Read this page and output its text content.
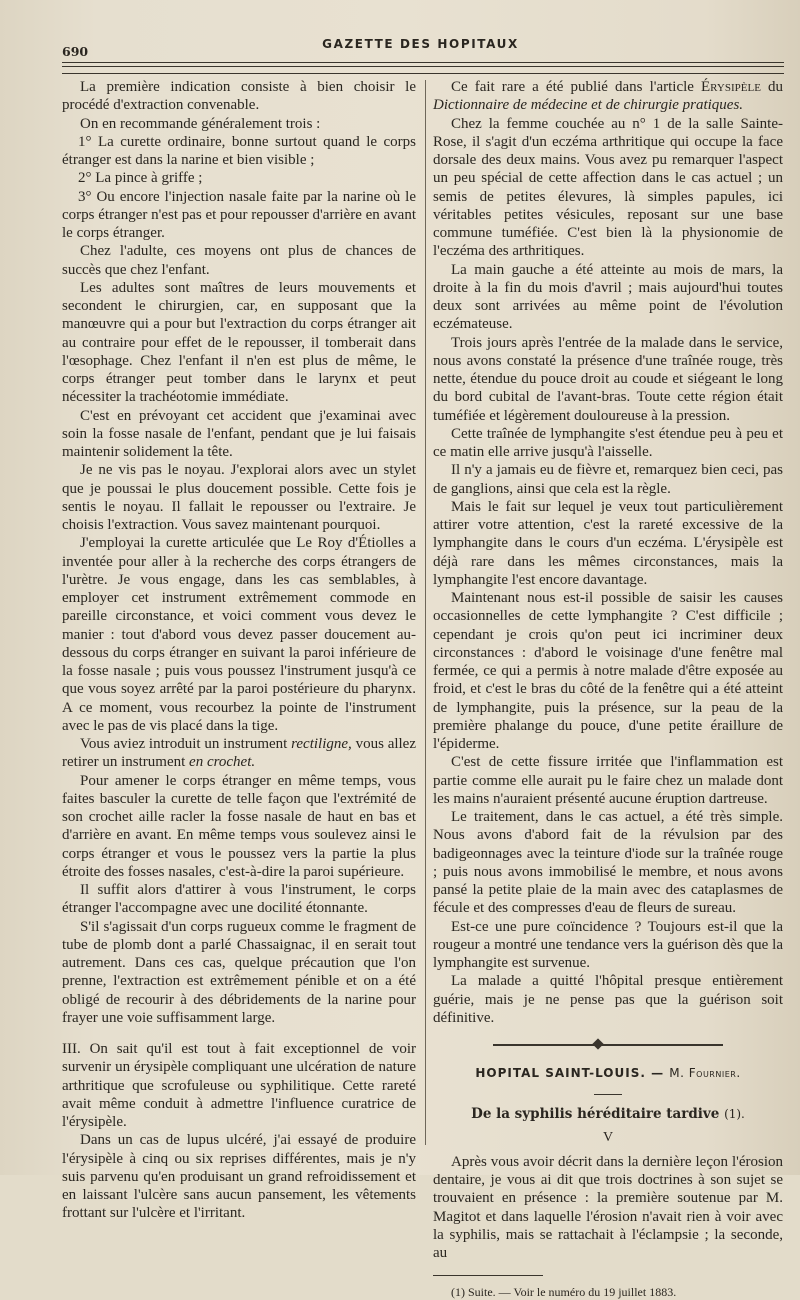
690	GAZETTE DES HOPITAUX

La première indication consiste à bien choisir le procédé d'extraction convenable.

On en recommande généralement trois :

1° La curette ordinaire, bonne surtout quand le corps étranger est dans la narine et bien visible ;

2° La pince à griffe ;

3° Ou encore l'injection nasale faite par la narine où le corps étranger n'est pas et pour repousser d'arrière en avant le corps étranger.

Chez l'adulte, ces moyens ont plus de chances de succès que chez l'enfant.

Les adultes sont maîtres de leurs mouvements et secondent le chirurgien, car, en supposant que la manœuvre qui a pour but l'extraction du corps étranger ait au contraire pour effet de le repousser, il tomberait dans l'œsophage. Chez l'enfant il n'en est plus de même, le corps étranger peut tomber dans le larynx et peut nécessiter la trachéotomie immédiate.

C'est en prévoyant cet accident que j'examinai avec soin la fosse nasale de l'enfant, pendant que je lui faisais maintenir solidement la tête.

Je ne vis pas le noyau. J'explorai alors avec un stylet que je poussai le plus doucement possible. Cette fois je sentis le noyau. Il fallait le repousser ou l'extraire. Je choisis l'extraction. Vous savez maintenant pourquoi.

J'employai la curette articulée que Le Roy d'Étiolles a inventée pour aller à la recherche des corps étrangers de l'urètre. Je vous engage, dans les cas semblables, à employer cet instrument extrêmement commode en pareille circonstance, et voici comment vous devez le manier : tout d'abord vous devez passer doucement au-dessous du corps étranger en suivant la paroi inférieure de la fosse nasale ; puis vous poussez l'instrument jusqu'à ce que vous soyez arrêté par la paroi postérieure du pharynx. A ce moment, vous recourbez la pointe de l'instrument avec le pas de vis placé dans la tige.

Vous aviez introduit un instrument rectiligne, vous allez retirer un instrument en crochet.

Pour amener le corps étranger en même temps, vous faites basculer la curette de telle façon que l'extrémité de son crochet aille racler la fosse nasale de haut en bas et d'arrière en avant. En même temps vous soulevez ainsi le corps étranger et vous le poussez vers la partie la plus étroite des fosses nasales, c'est-à-dire la paroi supérieure.

Il suffit alors d'attirer à vous l'instrument, le corps étranger l'accompagne avec une docilité étonnante.

S'il s'agissait d'un corps rugueux comme le fragment de tube de plomb dont a parlé Chassaignac, il en serait tout autrement. Dans ces cas, quelque précaution que l'on prenne, l'extraction est extrêmement pénible et on a été obligé de recourir à des débridements de la narine pour frayer une voie suffisamment large.

III. On sait qu'il est tout à fait exceptionnel de voir survenir un érysipèle compliquant une ulcération de nature arthritique que scrofuleuse ou syphilitique. Cette rareté avait même conduit à admettre l'influence curatrice de l'érysipèle.

Dans un cas de lupus ulcéré, j'ai essayé de produire l'érysipèle à cinq ou six reprises différentes, mais je n'y suis parvenu qu'en produisant un grand refroidissement et en laissant l'ulcère sans aucun pansement, les vêtements frottant sur l'ulcère et l'irritant.

Ce fait rare a été publié dans l'article Érysipèle du Dictionnaire de médecine et de chirurgie pratiques.

Chez la femme couchée au n° 1 de la salle Sainte-Rose, il s'agit d'un eczéma arthritique qui occupe la face dorsale des deux mains. Vous avez pu remarquer l'aspect un peu spécial de cette affection dans le cas actuel ; un semis de petites élevures, là simples papules, ici véritables petites vésicules, reposant sur une base commune tuméfiée. C'est bien là la physionomie de l'eczéma des arthritiques.

La main gauche a été atteinte au mois de mars, la droite à la fin du mois d'avril ; mais aujourd'hui toutes deux sont arrivées au même point de l'évolution eczémateuse.

Trois jours après l'entrée de la malade dans le service, nous avons constaté la présence d'une traînée rouge, très nette, étendue du pouce droit au coude et siégeant le long du bord cubital de l'avant-bras. Toute cette région était tuméfiée et légèrement douloureuse à la pression.

Cette traînée de lymphangite s'est étendue peu à peu et ce matin elle arrive jusqu'à l'aisselle.

Il n'y a jamais eu de fièvre et, remarquez bien ceci, pas de ganglions, ainsi que cela est la règle.

Mais le fait sur lequel je veux tout particulièrement attirer votre attention, c'est la rareté excessive de la lymphangite dans le cours d'un eczéma. L'érysipèle est déjà rare dans les mêmes circonstances, mais la lymphangite l'est encore davantage.

Maintenant nous est-il possible de saisir les causes occasionnelles de cette lymphangite ? C'est difficile ; cependant je crois qu'on peut ici incriminer deux circonstances : d'abord le voisinage d'une fenêtre mal fermée, ce qui a permis à notre malade d'être exposée au froid, et c'est le bras du côté de la fenêtre qui a été atteint de lymphangite, puis la présence, sur la peau de la première phalange du pouce, d'une petite éraillure de l'épiderme.

C'est de cette fissure irritée que l'inflammation est partie comme elle aurait pu le faire chez un malade dont les mains n'auraient présenté aucune éruption dartreuse.

Le traitement, dans le cas actuel, a été très simple. Nous avons d'abord fait de la révulsion par des badigeonnages avec la teinture d'iode sur la traînée rouge ; puis nous avons immobilisé le membre, et nous avons pansé la petite plaie de la main avec des cataplasmes de fécule et des compresses d'eau de fleurs de sureau.

Est-ce une pure coïncidence ? Toujours est-il que la rougeur a montré une tendance vers la guérison dès que la lymphangite est survenue.

La malade a quitté l'hôpital presque entièrement guérie, mais je ne pense pas que la guérison soit définitive.

HOPITAL SAINT-LOUIS. — M. Fournier.
De la syphilis héréditaire tardive (1).
V

Après vous avoir décrit dans la dernière leçon l'érosion dentaire, je vous ai dit que trois doctrines à son sujet se trouvaient en présence : la première soutenue par M. Magitot et dans laquelle l'érosion n'avait rien à voir avec la syphilis, mais se rattachait à l'éclampsie ; la seconde, au

(1) Suite. — Voir le numéro du 19 juillet 1883.
